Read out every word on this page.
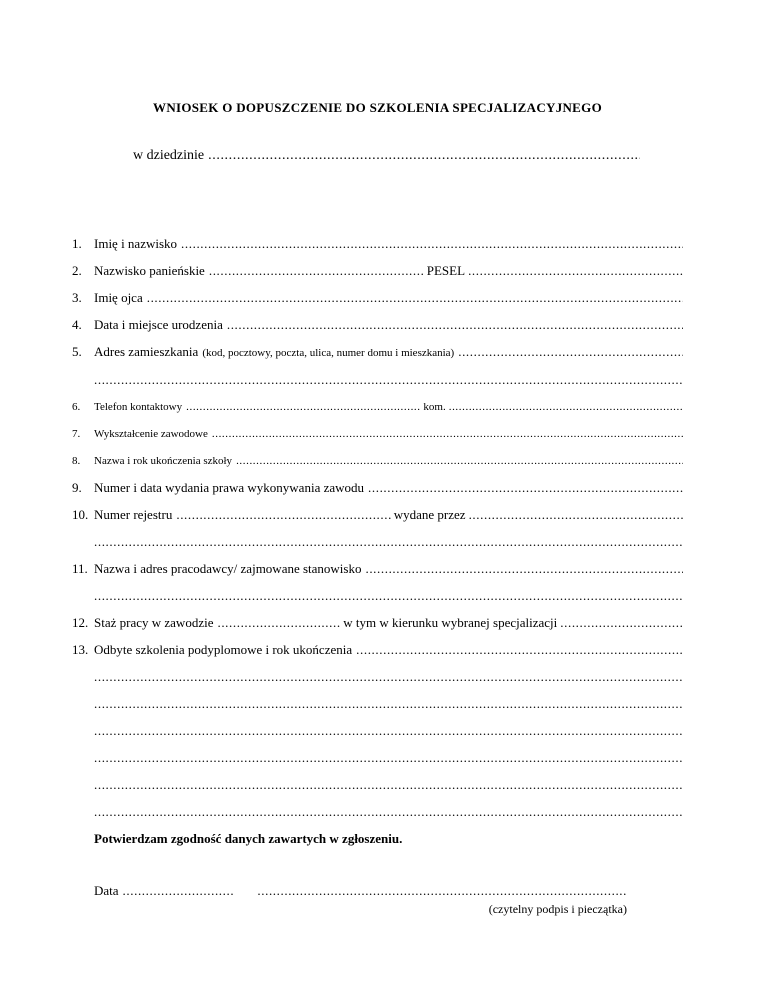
WNIOSEK O DOPUSZCZENIE DO SZKOLENIA SPECJALIZACYJNEGO
w dziedzinie
.....
1. Imię i nazwisko
.....
2. Nazwisko panieńskie .....	PESEL
.....
3. Imię ojca
.....
4. Data i miejsce urodzenia
.....
5. Adres zamieszkania (kod, pocztowy, poczta, ulica, numer domu i mieszkania)
.....
.....
6.	Telefon kontaktowy .....	kom.
.....
7.	Wykształcenie zawodowe
.....
8.	Nazwa i rok ukończenia szkoły
.....
9. Numer i data wydania prawa wykonywania zawodu
.....
10. Numer rejestru .....	wydane przez
.....
.....
11. Nazwa i adres pracodawcy/ zajmowane stanowisko
.....
.....
12. Staż pracy w zawodzie .....	w tym w kierunku wybranej specjalizacji
.....
13. Odbyte szkolenia podyplomowe i rok ukończenia
.....
.....
.....
.....
.....
.....
.....
Potwierdzam zgodność danych zawartych w zgłoszeniu.
Data
.....
.....
(czytelny podpis i pieczątka)
